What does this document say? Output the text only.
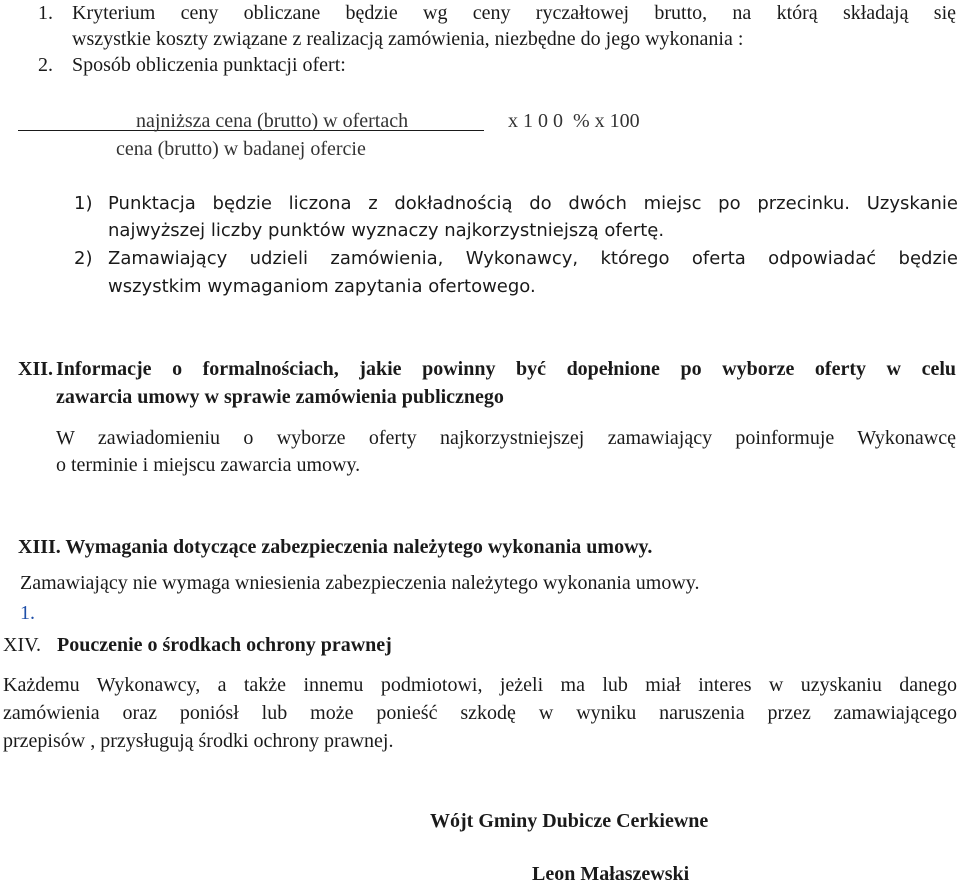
1. Kryterium ceny obliczane będzie wg ceny ryczałtowej brutto, na którą składają się
wszystkie koszty związane z realizacją zamówienia, niezbędne do jego wykonania :
2. Sposób obliczenia punktacji ofert:
najniższa cena (brutto) w ofertach	x 1 0 0  % x 100
cena (brutto) w badanej ofercie
1) Punktacja będzie liczona z dokładnością do dwóch miejsc po przecinku. Uzyskanie
najwyższej liczby punktów wyznaczy najkorzystniejszą ofertę.
2) Zamawiający udzieli zamówienia, Wykonawcy, którego oferta odpowiadać będzie
wszystkim wymaganiom zapytania ofertowego.
XII. Informacje o formalnościach, jakie powinny być dopełnione po wyborze oferty w celu
zawarcia umowy w sprawie zamówienia publicznego
W zawiadomieniu o wyborze oferty najkorzystniejszej zamawiający poinformuje Wykonawcę
o terminie i miejscu zawarcia umowy.
XIII. Wymagania dotyczące zabezpieczenia należytego wykonania umowy.
Zamawiający nie wymaga wniesienia zabezpieczenia należytego wykonania umowy.
1.
XIV. Pouczenie o środkach ochrony prawnej
Każdemu Wykonawcy, a także innemu podmiotowi, jeżeli ma lub miał interes w uzyskaniu danego
zamówienia oraz poniósł lub może ponieść szkodę w wyniku naruszenia przez zamawiającego
przepisów , przysługują środki ochrony prawnej.
Wójt Gminy Dubicze Cerkiewne
Leon Małaszewski
